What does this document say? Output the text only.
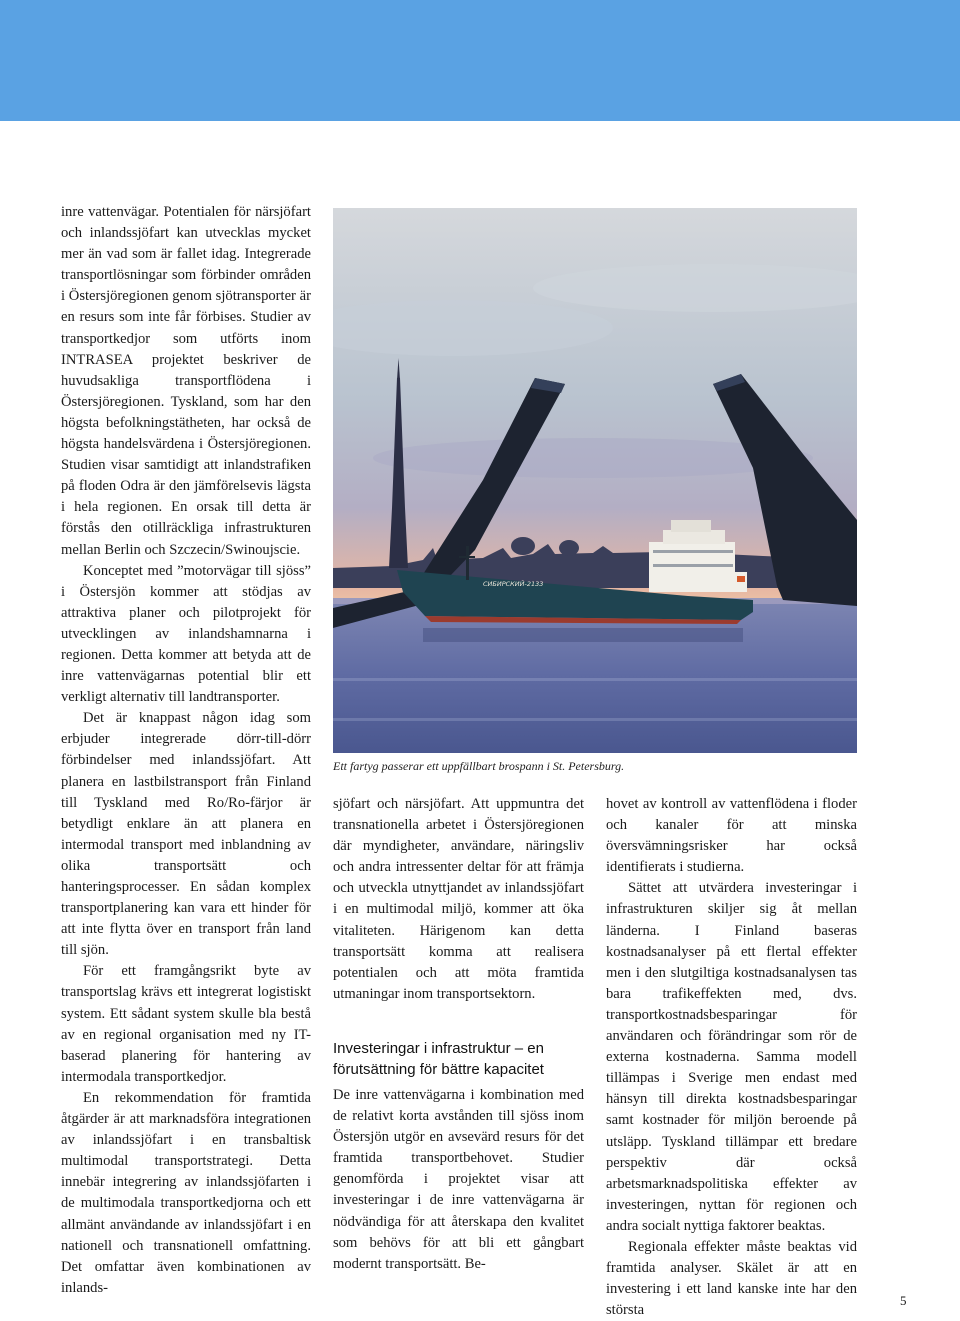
inre vattenvägar. Potentialen för närsjöfart och inlandssjöfart kan utvecklas mycket mer än vad som är fallet idag. Integrerade transportlösningar som förbinder områden i Östersjöregionen genom sjötransporter är en resurs som inte får förbises. Studier av transportkedjor som utförts inom INTRASEA projektet beskriver de huvudsakliga transportflödena i Östersjöregionen. Tyskland, som har den högsta befolkningstätheten, har också de högsta handelsvärdena i Östersjöregionen. Studien visar samtidigt att inlandstrafiken på floden Odra är den jämförelsevis lägsta i hela regionen. En orsak till detta är förstås den otillräckliga infrastrukturen mellan Berlin och Szczecin/Swinoujscie.

Konceptet med ”motorvägar till sjöss” i Östersjön kommer att stödjas av attraktiva planer och pilotprojekt för utvecklingen av inlandshamnarna i regionen. Detta kommer att betyda att de inre vattenvägarnas potential blir ett verkligt alternativ till landtransporter.

Det är knappast någon idag som erbjuder integrerade dörr-till-dörr förbindelser med inlandssjöfart. Att planera en lastbilstransport från Finland till Tyskland med Ro/Ro-färjor är betydligt enklare än att planera en intermodal transport med inblandning av olika transportsätt och hanteringsprocesser. En sådan komplex transportplanering kan vara ett hinder för att inte flytta över en transport från land till sjön.

För ett framgångsrikt byte av transportslag krävs ett integrerat logistiskt system. Ett sådant system skulle bla bestå av en regional organisation med ny IT-baserad planering för hantering av intermodala transportkedjor.

En rekommendation för framtida åtgärder är att marknadsföra integrationen av inlandssjöfart i en transbaltisk multimodal transportstrategi. Detta innebär integrering av inlandssjöfarten i de multimodala transportkedjorna och ett allmänt användande av inlandssjöfart i en nationell och transnationell omfattning. Det omfattar även kombinationen av inlands-

СИБИРСКИЙ-2133
Ett fartyg passerar ett uppfällbart brospann i St. Petersburg.

sjöfart och närsjöfart. Att uppmuntra det transnationella arbetet i Östersjöregionen där myndigheter, användare, näringsliv och andra intressenter deltar för att främja och utveckla utnyttjandet av inlandssjöfart i en multimodal miljö, kommer att öka vitaliteten. Härigenom kan detta transportsätt komma att realisera potentialen och att möta framtida utmaningar inom transportsektorn.

Investeringar i infrastruktur – en förutsättning för bättre kapacitet

De inre vattenvägarna i kombination med de relativt korta avstånden till sjöss inom Östersjön utgör en avsevärd resurs för det framtida transportbehovet. Studier genomförda i projektet visar att investeringar i de inre vattenvägarna är nödvändiga för att återskapa den kvalitet som behövs för att bli ett gångbart modernt transportsätt. Be-

hovet av kontroll av vattenflödena i floder och kanaler för att minska översvämningsrisker har också identifierats i studierna.

Sättet att utvärdera investeringar i infrastrukturen skiljer sig åt mellan länderna. I Finland baseras kostnadsanalyser på ett flertal effekter men i den slutgiltiga kostnadsanalysen tas bara trafikeffekten med, dvs. transportkostnadsbesparingar för användaren och förändringar som rör de externa kostnaderna. Samma modell tillämpas i Sverige men endast med hänsyn till direkta kostnadsbesparingar samt kostnader för miljön beroende på utsläpp. Tyskland tillämpar ett bredare perspektiv där också arbetsmarknadspolitiska effekter av investeringen, nyttan för regionen och andra socialt nyttiga faktorer beaktas.

Regionala effekter måste beaktas vid framtida analyser. Skälet är att en investering i ett land kanske inte har den största

5
